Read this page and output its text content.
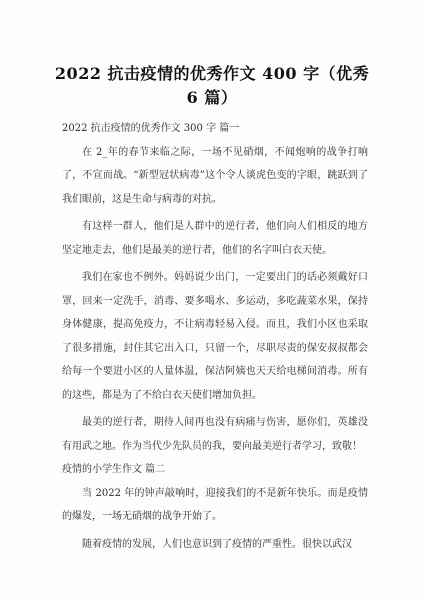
2022 抗击疫情的优秀作文 400 字（优秀
6 篇）

2022 抗击疫情的优秀作文 300 字 篇一

在 2_年的春节来临之际，一场不见硝烟，不闻炮响的战争打响了，不宣而战。“新型冠状病毒”这个令人谈虎色变的字眼，跳跃到了我们眼前，这是生命与病毒的对抗。

有这样一群人，他们是人群中的逆行者，他们向人们相反的地方坚定地走去，他们是最美的逆行者，他们的名字叫白衣天使。

我们在家也不例外。妈妈说少出门，一定要出门的话必须戴好口罩，回来一定洗手，消毒、要多喝水、多运动，多吃蔬菜水果，保持身体健康，提高免疫力，不让病毒轻易入侵。而且，我们小区也采取了很多措施，封住其它出入口，只留一个，尽职尽责的保安叔叔都会给每一个要进小区的人量体温，保洁阿姨也天天给电梯间消毒。所有的这些，都是为了不给白衣天使们增加负担。

最美的逆行者，期待人间再也没有病痛与伤害，愿你们，英雄没有用武之地。作为当代少先队员的我，要向最美逆行者学习，致敬！

疫情的小学生作文 篇二

当 2022 年的钟声敲响时，迎接我们的不是新年快乐。而是疫情的爆发，一场无硝烟的战争开始了。

随着疫情的发展，人们也意识到了疫情的严重性。很快以武汉
